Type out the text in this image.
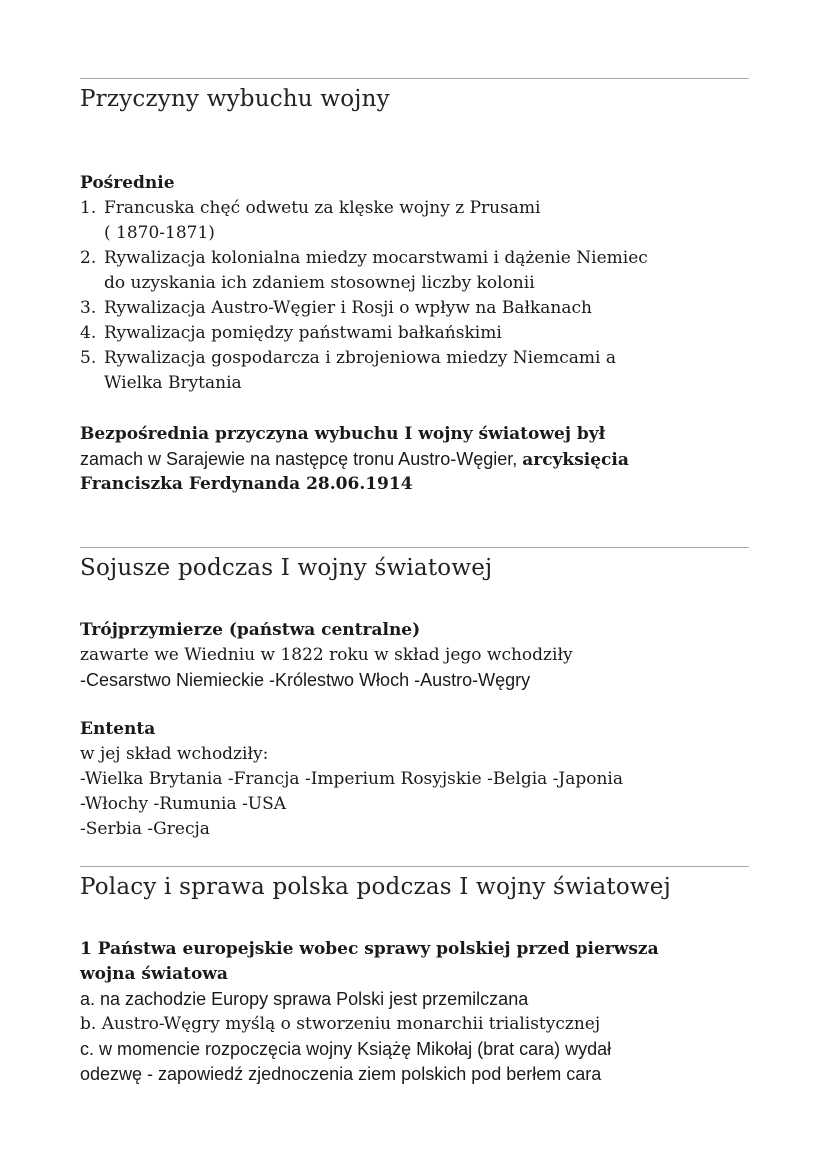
Przyczyny wybuchu wojny
Pośrednie
1. Francuska chęć odwetu za klęske wojny z Prusami
( 1870-1871)
2. Rywalizacja kolonialna miedzy mocarstwami i dążenie Niemiec
do uzyskania ich zdaniem stosownej liczby kolonii
3. Rywalizacja Austro-Węgier i Rosji o wpływ na Bałkanach
4. Rywalizacja pomiędzy państwami bałkańskimi
5. Rywalizacja gospodarcza i zbrojeniowa miedzy Niemcami a
Wielka Brytania
Bezpośrednia przyczyna wybuchu I wojny światowej był
zamach w Sarajewie na następcę tronu Austro-Węgier, arcyksięcia
Franciszka Ferdynanda 28.06.1914
Sojusze podczas I wojny światowej
Trójprzymierze (państwa centralne)
zawarte we Wiedniu w 1822 roku w skład jego wchodziły
-Cesarstwo Niemieckie -Królestwo Włoch -Austro-Węgry
Ententa
w jej skład wchodziły:
-Wielka Brytania -Francja -Imperium Rosyjskie -Belgia -Japonia
-Włochy -Rumunia -USA
-Serbia -Grecja
Polacy i sprawa polska podczas I wojny światowej
1 Państwa europejskie wobec sprawy polskiej przed pierwsza
wojna światowa
a. na zachodzie Europy sprawa Polski jest przemilczana
b. Austro-Węgry myślą o stworzeniu monarchii trialistycznej
c. w momencie rozpoczęcia wojny Książę Mikołaj (brat cara) wydał
odezwę - zapowiedź zjednoczenia ziem polskich pod berłem cara
